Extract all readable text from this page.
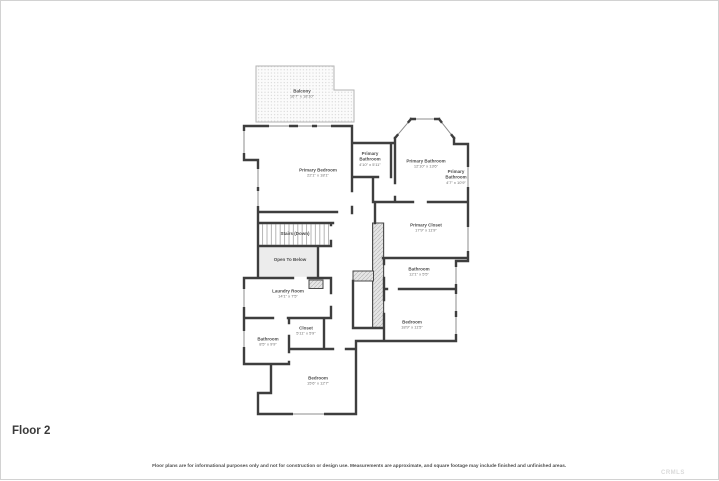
Balcony
16'7" x 18'10"
Primary Bedroom
22'1" x 18'1"
Primary Bathroom
4'10" x 5'11"
Primary Bathroom
12'10" x 13'6"
Primary Bathroom
4'7" x 10'9"
Primary Closet
17'9" x 11'9"
Stairs (Down)
Open To Below
Laundry Room
14'1" x 7'5"
Bathroom
12'1" x 5'5"
Bedroom
18'9" x 11'5"
Closet
5'11" x 5'9"
Bathroom
8'5" x 9'9"
Bedroom
15'6" x 12'7"
Floor 2
Floor plans are for informational purposes only and not for construction or design use. Measurements are approximate, and square footage may include finished and unfinished areas.
CRMLS
